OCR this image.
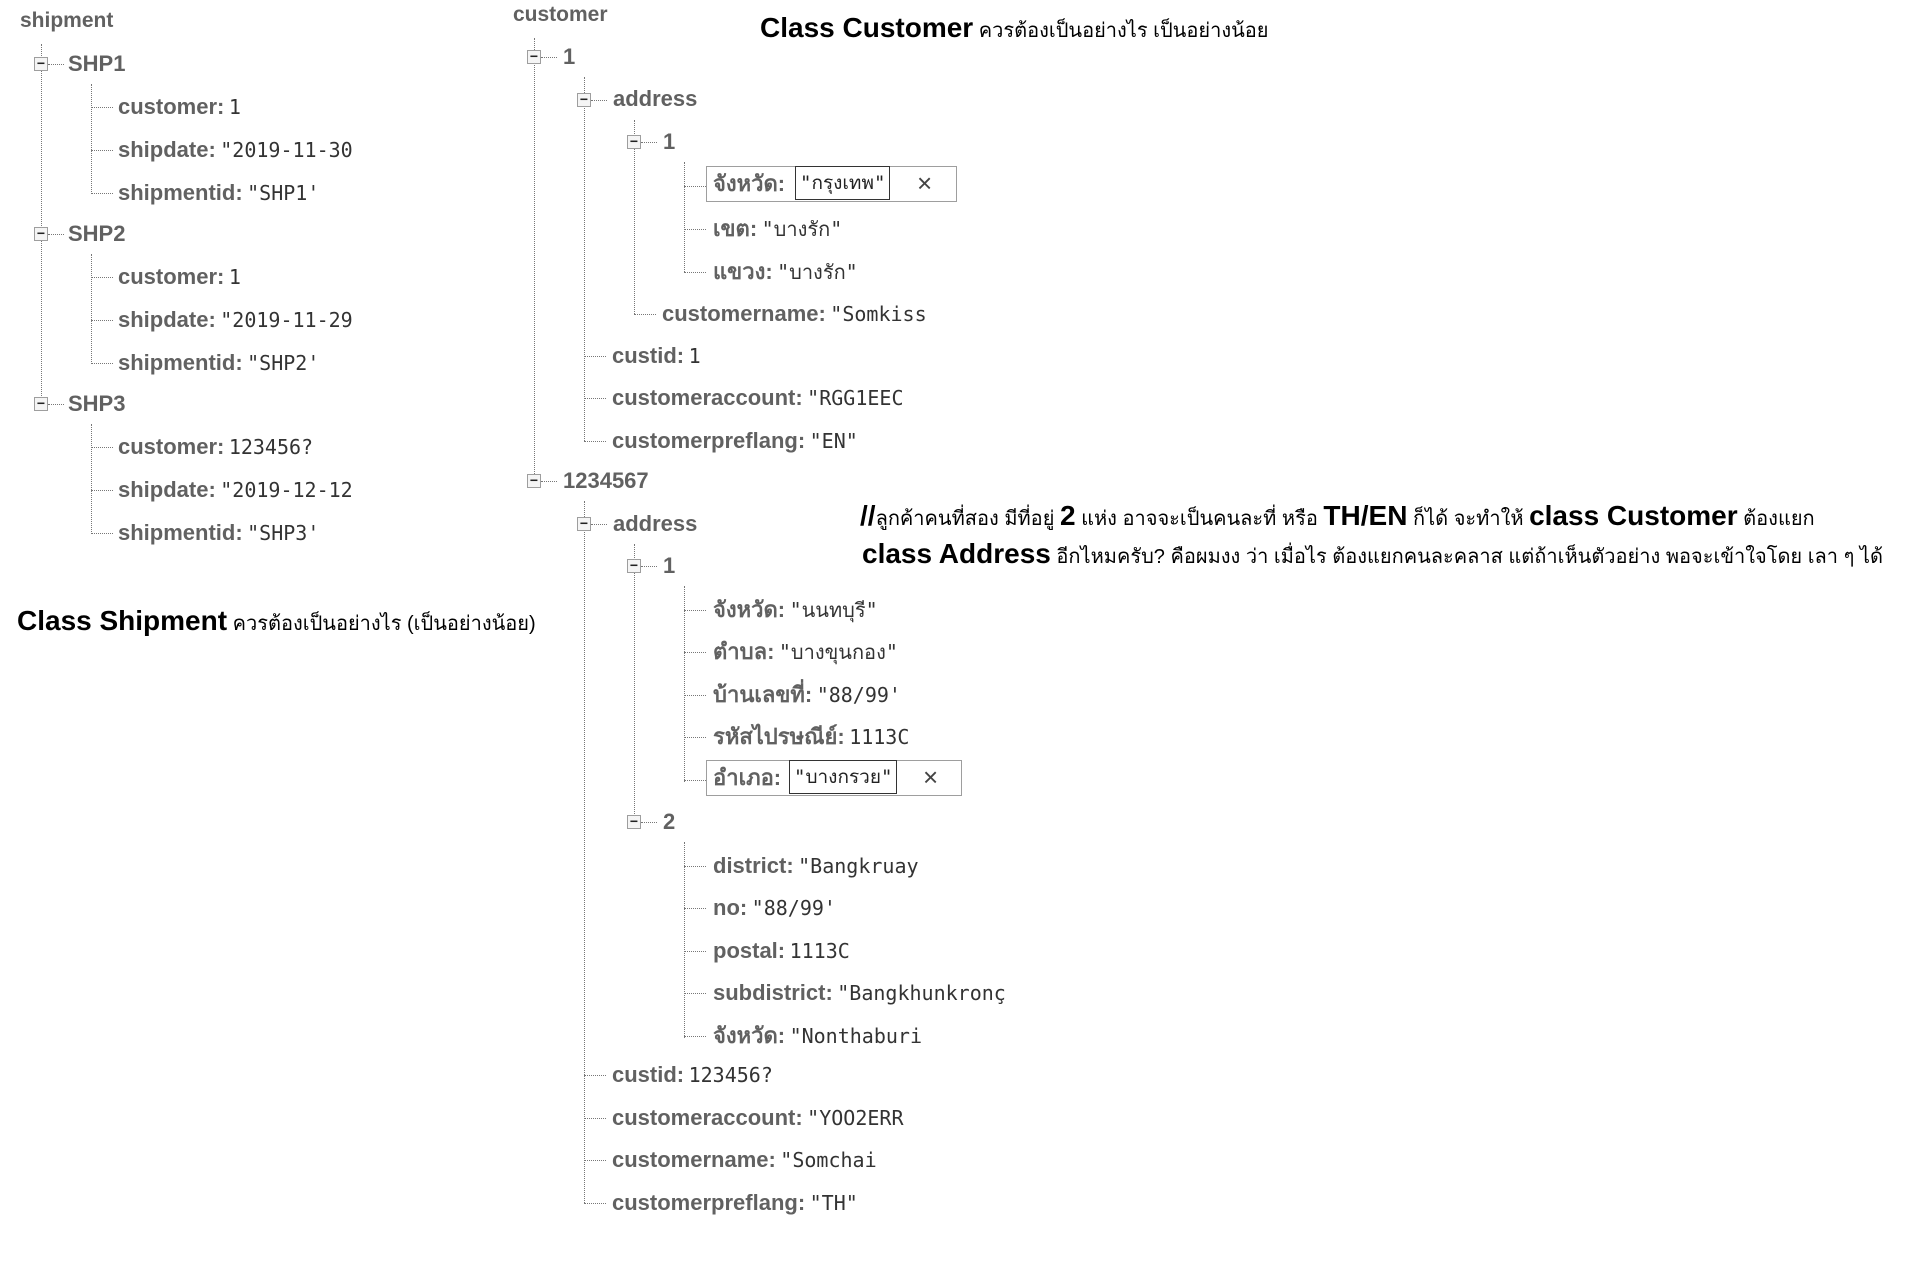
shipment
− SHP1
customer: 1
shipdate: "2019-11-30
shipmentid: "SHP1'
− SHP2
customer: 1
shipdate: "2019-11-29
shipmentid: "SHP2'
− SHP3
customer: 123456?
shipdate: "2019-12-12
shipmentid: "SHP3'
Class Shipment ควรต้องเป็นอย่างไร (เป็นอย่างน้อย)
customer
− 1
− address
− 1
จังหวัด: "กรุงเทพ" ×
เขต: "บางรัก"
แขวง: "บางรัก"
customername: "Somkiss
custid: 1
customeraccount: "RGG1EEC
customerpreflang: "EN"
− 1234567
− address
− 1
จังหวัด: "นนทบุรี"
ตำบล: "บางขุนกอง"
บ้านเลขที่: "88/99'
รหัสไปรษณีย์: 1113C
อำเภอ: "บางกรวย" ×
− 2
district: "Bangkruay
no: "88/99'
postal: 1113C
subdistrict: "Bangkhunkronç
จังหวัด: "Nonthaburi
custid: 123456?
customeraccount: "YOO2ERR
customername: "Somchai
customerpreflang: "TH"
Class Customer ควรต้องเป็นอย่างไร เป็นอย่างน้อย
//ลูกค้าคนที่สอง มีที่อยู่ 2 แห่ง อาจจะเป็นคนละที่ หรือ TH/EN ก็ได้ จะทำให้ class Customer ต้องแยก
class Address อีกไหมครับ? คือผมงง ว่า เมื่อไร ต้องแยกคนละคลาส แต่ถ้าเห็นตัวอย่าง พอจะเข้าใจโดย เลา ๆ ได้
